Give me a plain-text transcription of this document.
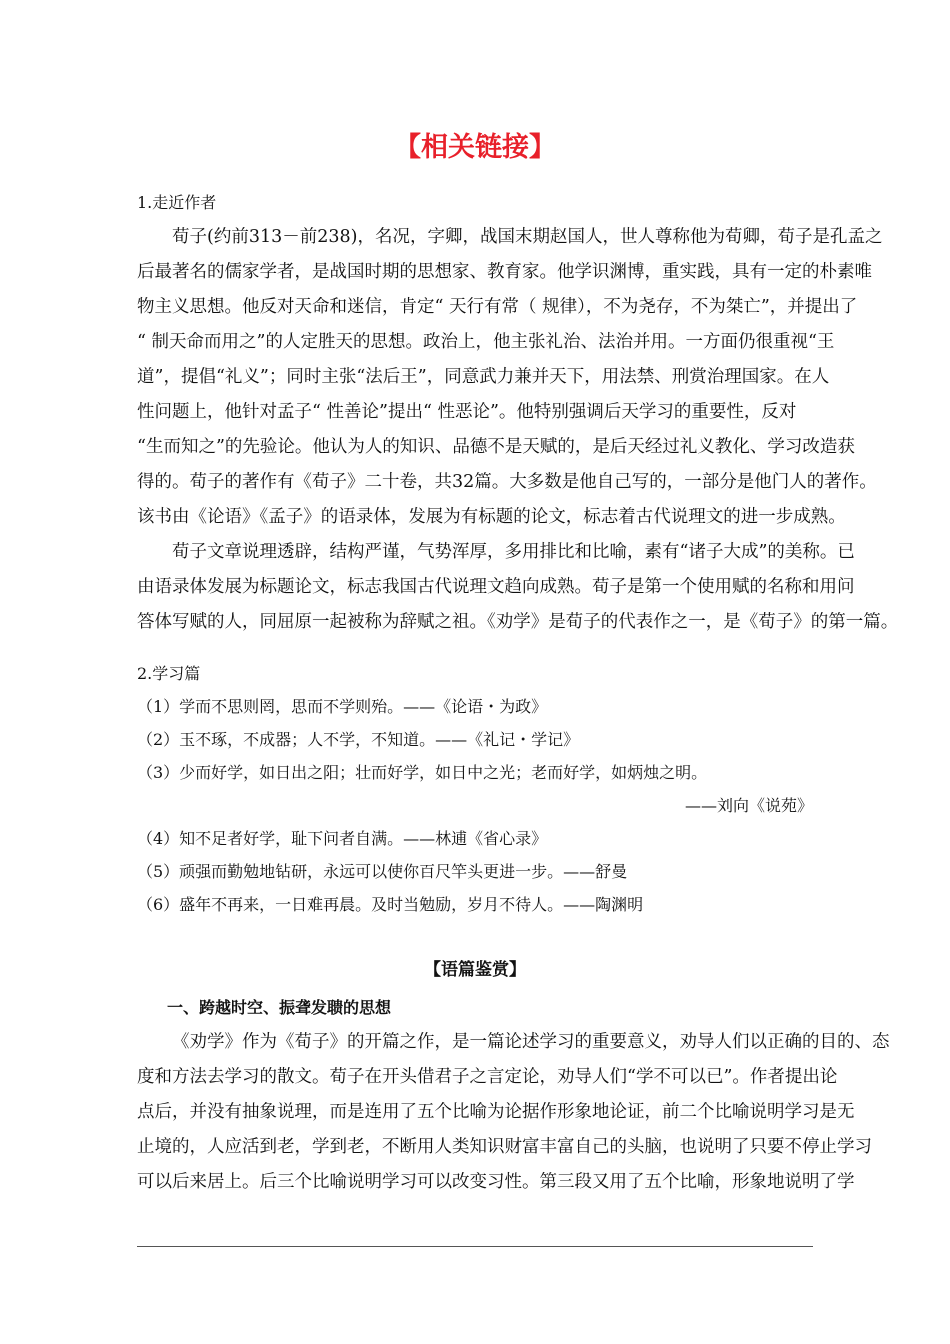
【相关链接】
1.走近作者
荀子(约前313－前238)，名况，字卿，战国末期赵国人，世人尊称他为荀卿，荀子是孔孟之
后最著名的儒家学者，是战国时期的思想家、教育家。他学识渊博，重实践，具有一定的朴素唯
物主义思想。他反对天命和迷信，肯定“ 天行有常（ 规律），不为尧存，不为桀亡”，并提出了
“ 制天命而用之”的人定胜天的思想。政治上，他主张礼治、法治并用。一方面仍很重视“王
道”，提倡“礼义”；同时主张“法后王”，同意武力兼并天下，用法禁、刑赏治理国家。在人
性问题上，他针对孟子“ 性善论”提出“ 性恶论”。他特别强调后天学习的重要性，反对
“生而知之”的先验论。他认为人的知识、品德不是天赋的，是后天经过礼义教化、学习改造获
得的。荀子的著作有《荀子》二十卷，共32篇。大多数是他自己写的，一部分是他门人的著作。
该书由《论语》《孟子》的语录体，发展为有标题的论文，标志着古代说理文的进一步成熟。
荀子文章说理透辟，结构严谨，气势浑厚，多用排比和比喻，素有“诸子大成”的美称。已
由语录体发展为标题论文，标志我国古代说理文趋向成熟。荀子是第一个使用赋的名称和用问
答体写赋的人，同屈原一起被称为辞赋之祖。《劝学》是荀子的代表作之一，是《荀子》的第一篇。
2.学习篇
（1）学而不思则罔，思而不学则殆。——《论语・为政》
（2）玉不琢，不成器；人不学，不知道。——《礼记・学记》
（3）少而好学，如日出之阳；壮而好学，如日中之光；老而好学，如炳烛之明。
——刘向《说苑》
（4）知不足者好学，耻下问者自满。——林逋《省心录》
（5）顽强而勤勉地钻研，永远可以使你百尺竿头更进一步。——舒曼
（6）盛年不再来，一日难再晨。及时当勉励，岁月不待人。——陶渊明
【语篇鉴赏】
一、跨越时空、振聋发聩的思想
《劝学》作为《荀子》的开篇之作，是一篇论述学习的重要意义，劝导人们以正确的目的、态
度和方法去学习的散文。荀子在开头借君子之言定论，劝导人们“学不可以已”。作者提出论
点后，并没有抽象说理，而是连用了五个比喻为论据作形象地论证，前二个比喻说明学习是无
止境的，人应活到老，学到老，不断用人类知识财富丰富自己的头脑，也说明了只要不停止学习
可以后来居上。后三个比喻说明学习可以改变习性。第三段又用了五个比喻，形象地说明了学
